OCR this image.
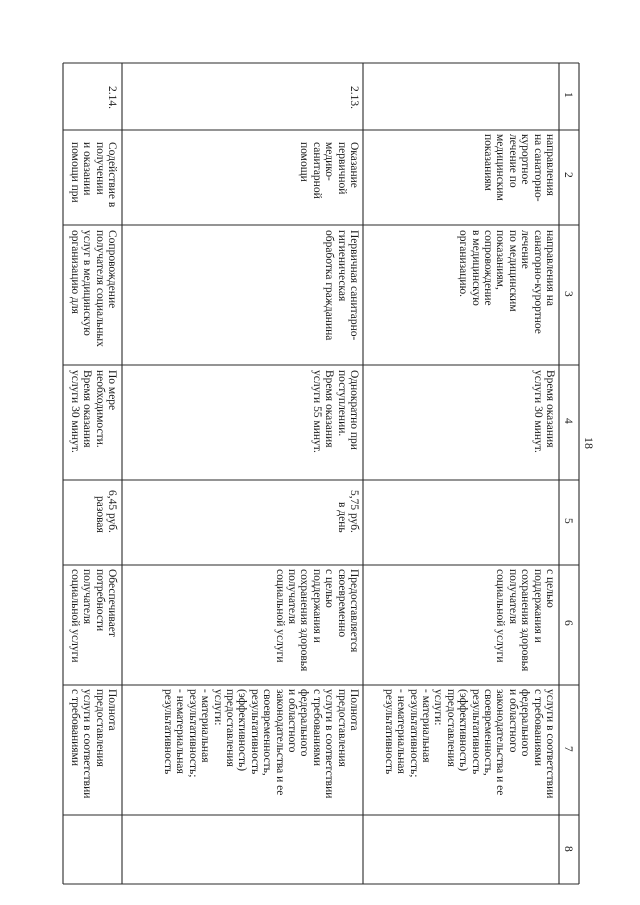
18
1
2
3
4
5
6
7
8
направления
на санаторно-
курортное
лечение по
медицинским
показаниям
направления на
санаторно-курортное
лечение
по медицинским
показаниям,
сопровождение
в медицинскую
организацию.
Время оказания
услуги 30 минут.
с целью
поддержания и
сохранения здоровья
получателя
социальной услуги
услуги в соответствии
с требованиями
федерального
и областного
законодательства и ее
своевременность,
результативность
(эффективность)
предоставления
услуги:
- материальная
результативность;
- нематериальная
результативность
2.13.
Оказание
первичной
медико-
санитарной
помощи
Первичная санитарно-
гигиеническая
обработка гражданина
Однократно при
поступлении.
Время оказания
услуги 55 минут.
5,75 руб.
в день
Предоставляется
своевременно
с целью
поддержания и
сохранения здоровья
получателя
социальной услуги
Полнота
предоставления
услуги в соответствии
с требованиями
федерального
и областного
законодательства и ее
своевременность,
результативность
(эффективность)
предоставления
услуги:
- материальная
результативность;
- нематериальная
результативность
2.14.
Содействие в
получении
и оказании
помощи при
Сопровождение
получателя социальных
услуг в медицинскую
организацию для
По мере
необходимости.
Время оказания
услуги 30 минут.
6,45 руб.
разовая
Обеспечивает
потребности
получателя
социальной услуги
Полнота
предоставления
услуги в соответствии
с требованиями
